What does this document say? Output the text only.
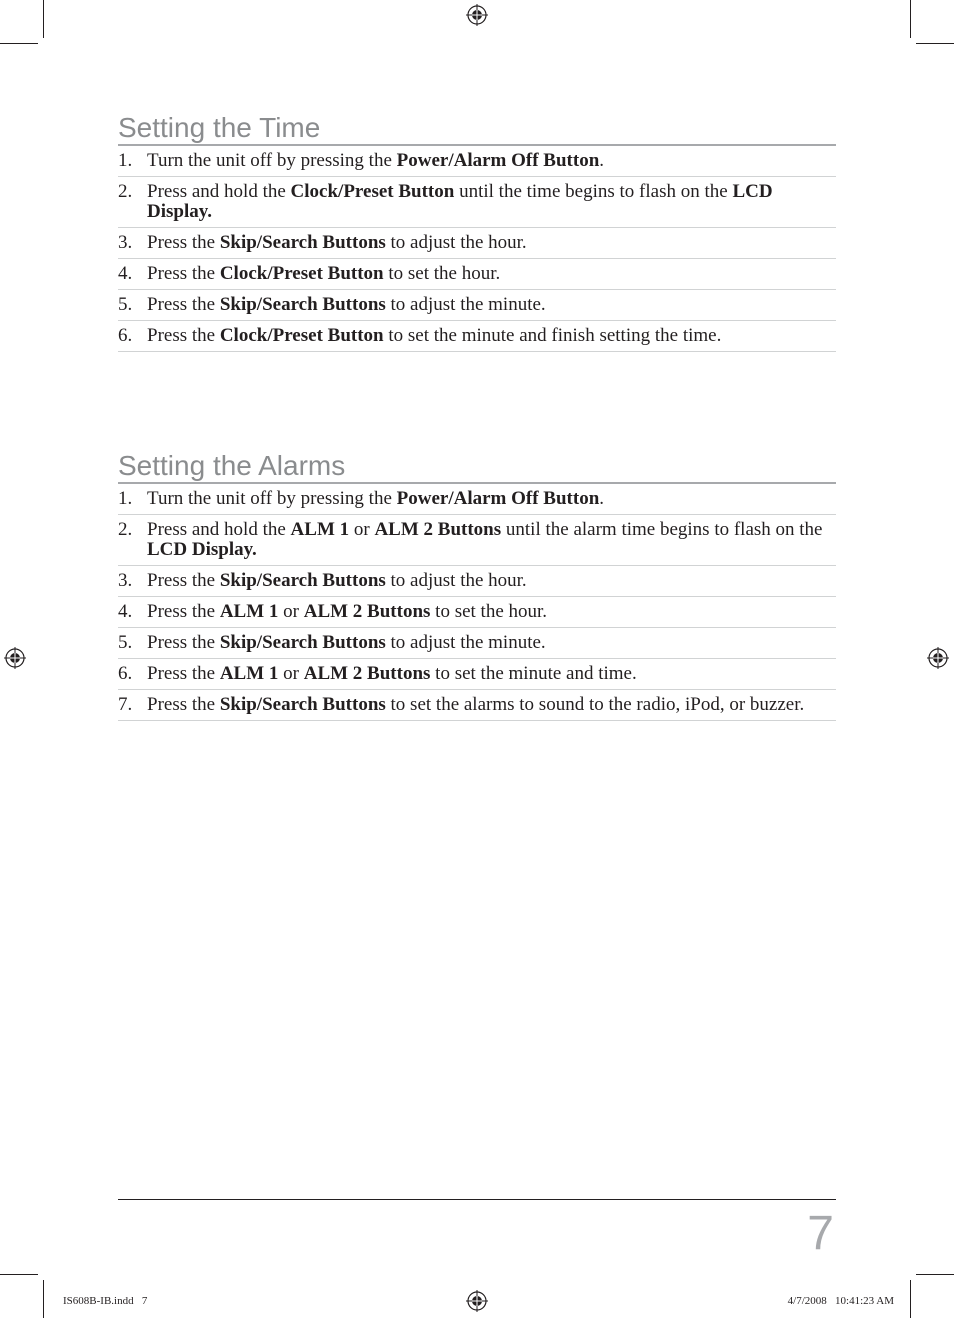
Setting the Time
1. Turn the unit off by pressing the Power/Alarm Off Button.
2. Press and hold the Clock/Preset Button until the time begins to flash on the LCD Display.
3. Press the Skip/Search Buttons to adjust the hour.
4. Press the Clock/Preset Button to set the hour.
5. Press the Skip/Search Buttons to adjust the minute.
6. Press the Clock/Preset Button to set the minute and finish setting the time.
Setting the Alarms
1. Turn the unit off by pressing the Power/Alarm Off Button.
2. Press and hold the ALM 1 or ALM 2 Buttons until the alarm time begins to flash on the LCD Display.
3. Press the Skip/Search Buttons to adjust the hour.
4. Press the ALM 1 or ALM 2 Buttons to set the hour.
5. Press the Skip/Search Buttons to adjust the minute.
6. Press the ALM 1 or ALM 2 Buttons to set the minute and time.
7. Press the Skip/Search Buttons to set the alarms to sound to the radio, iPod, or buzzer.
7
IS608B-IB.indd   7	4/7/2008   10:41:23 AM
